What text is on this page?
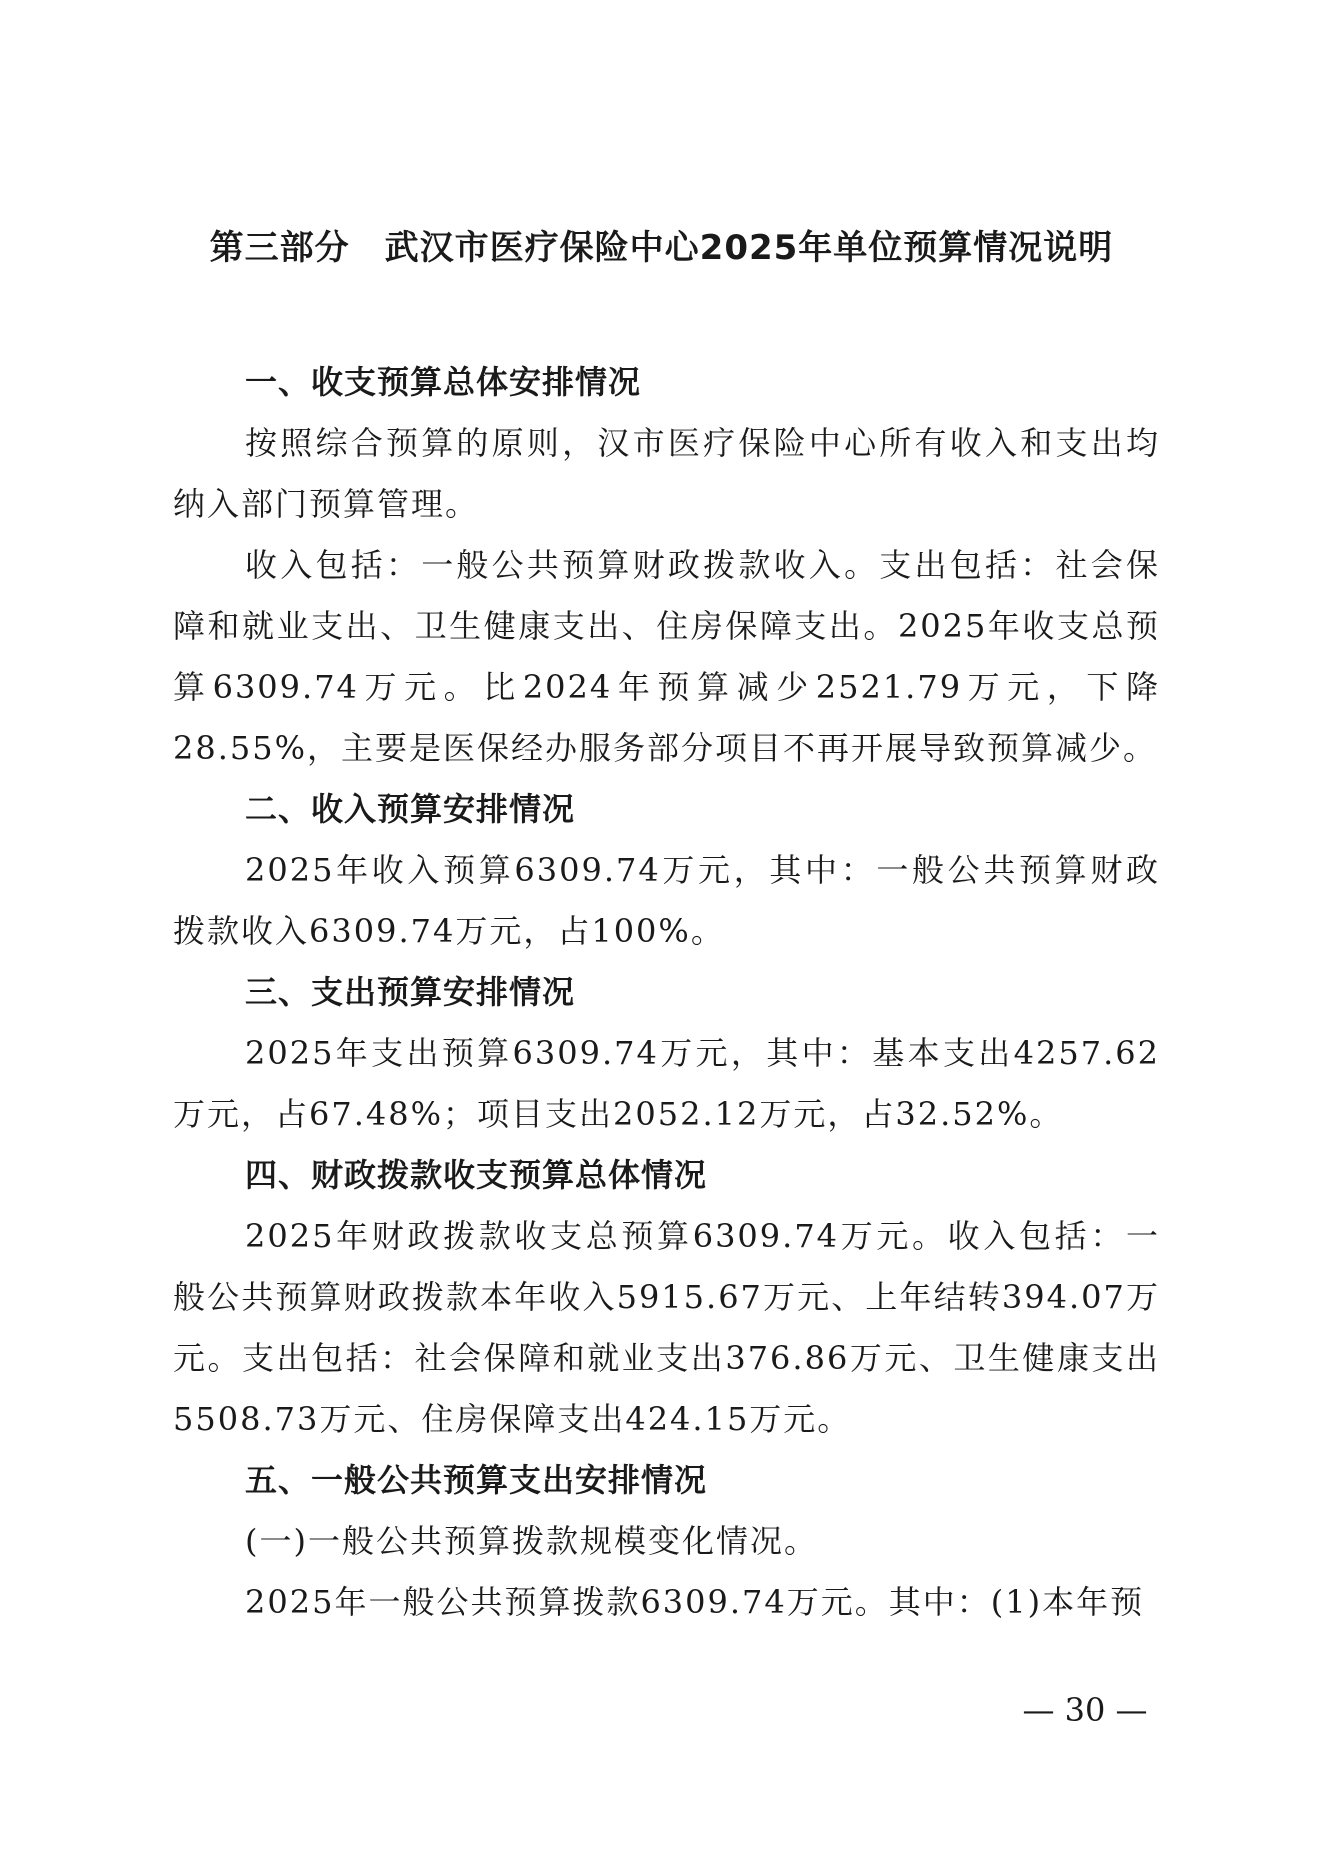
第三部分　武汉市医疗保险中心2025年单位预算情况说明
一、收支预算总体安排情况
按照综合预算的原则，汉市医疗保险中心所有收入和支出均纳入部门预算管理。
收入包括：一般公共预算财政拨款收入。支出包括：社会保障和就业支出、卫生健康支出、住房保障支出。2025年收支总预算6309.74万元。比2024年预算减少2521.79万元，下降28.55%，主要是医保经办服务部分项目不再开展导致预算减少。
二、收入预算安排情况
2025年收入预算6309.74万元，其中：一般公共预算财政拨款收入6309.74万元，占100%。
三、支出预算安排情况
2025年支出预算6309.74万元，其中：基本支出4257.62万元，占67.48%；项目支出2052.12万元，占32.52%。
四、财政拨款收支预算总体情况
2025年财政拨款收支总预算6309.74万元。收入包括：一般公共预算财政拨款本年收入5915.67万元、上年结转394.07万元。支出包括：社会保障和就业支出376.86万元、卫生健康支出5508.73万元、住房保障支出424.15万元。
五、一般公共预算支出安排情况
(一)一般公共预算拨款规模变化情况。
2025年一般公共预算拨款6309.74万元。其中：(1)本年预
— 30 —
